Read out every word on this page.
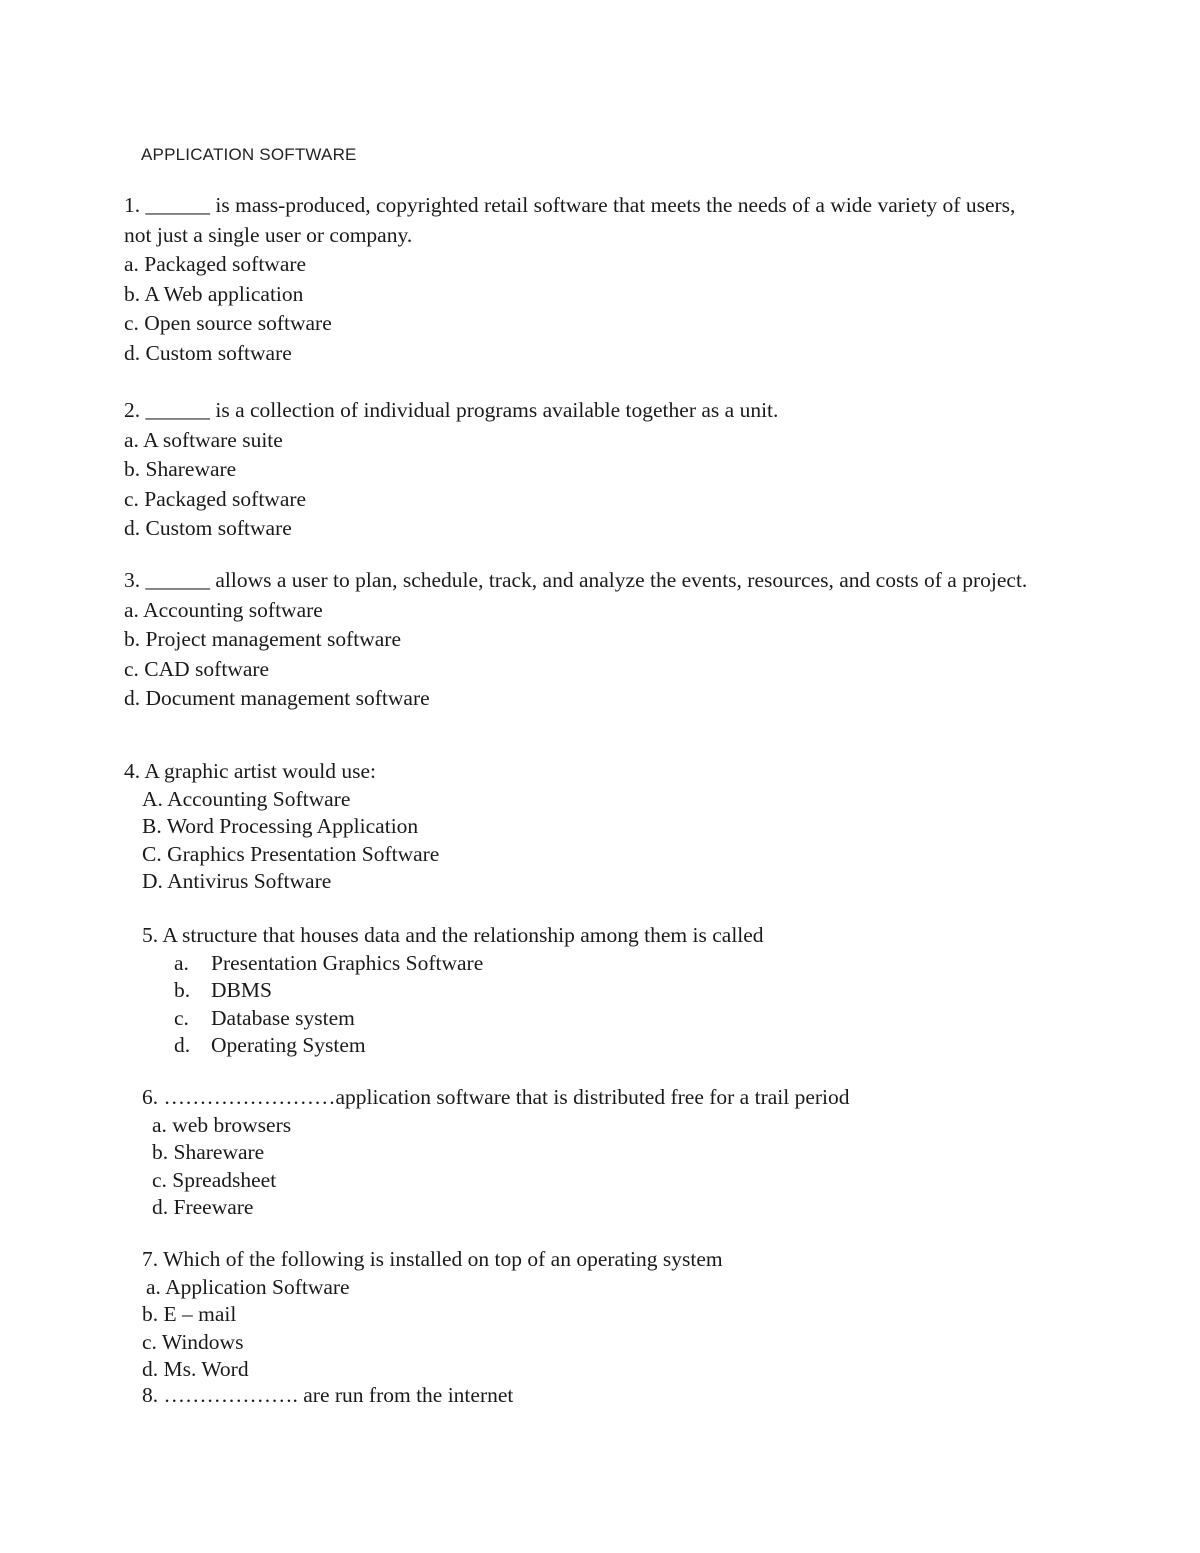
APPLICATION SOFTWARE
1. ______ is mass-produced, copyrighted retail software that meets the needs of a wide variety of users, not just a single user or company.
a. Packaged software
b. A Web application
c. Open source software
d. Custom software
2. ______ is a collection of individual programs available together as a unit.
a. A software suite
b. Shareware
c. Packaged software
d. Custom software
3. ______ allows a user to plan, schedule, track, and analyze the events, resources, and costs of a project.
a. Accounting software
b. Project management software
c. CAD software
d. Document management software
4. A graphic artist would use:
A. Accounting Software
B. Word Processing Application
C. Graphics Presentation Software
D. Antivirus Software
5. A structure that houses data and the relationship among them is called
a. Presentation Graphics Software
b. DBMS
c. Database system
d. Operating System
6. ……………………application software that is distributed free for a trail period
a. web browsers
b. Shareware
c. Spreadsheet
d. Freeware
7. Which of the following is installed on top of an operating system
a. Application Software
b. E – mail
c. Windows
d. Ms. Word
8. ………………. are run from the internet
